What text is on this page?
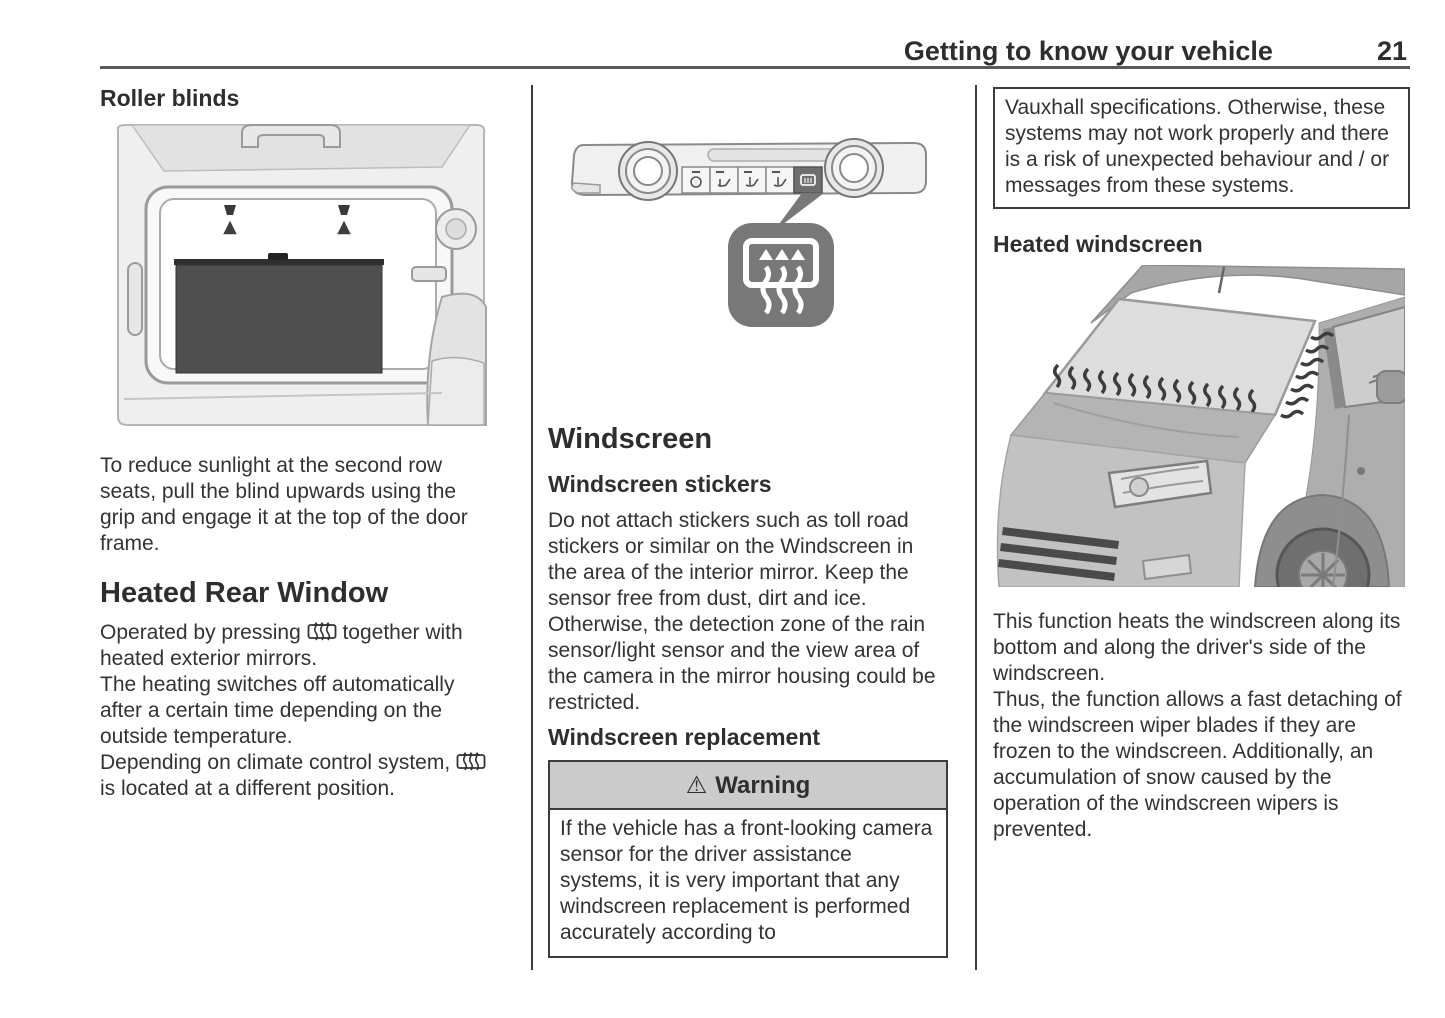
Getting to know your vehicle	21
Roller blinds

To reduce sunlight at the second row seats, pull the blind upwards using the grip and engage it at the top of the door frame.

Heated Rear Window
Operated by pressing  together with heated exterior mirrors.
The heating switches off automatically after a certain time depending on the outside temperature.
Depending on climate control system,  is located at a different position.
Windscreen
Windscreen stickers

Do not attach stickers such as toll road stickers or similar on the Windscreen in the area of the interior mirror. Keep the sensor free from dust, dirt and ice. Otherwise, the detection zone of the rain sensor/light sensor and the view area of the camera in the mirror housing could be restricted.

Windscreen replacement
⚠ Warning

If the vehicle has a front-looking camera sensor for the driver assistance systems, it is very important that any windscreen replacement is performed accurately according to

Vauxhall specifications. Otherwise, these systems may not work properly and there is a risk of unexpected behaviour and / or messages from these systems.

Heated windscreen
This function heats the windscreen along its bottom and along the driver's side of the windscreen.
Thus, the function allows a fast detaching of the windscreen wiper blades if they are frozen to the windscreen. Additionally, an accumulation of snow caused by the operation of the windscreen wipers is prevented.
